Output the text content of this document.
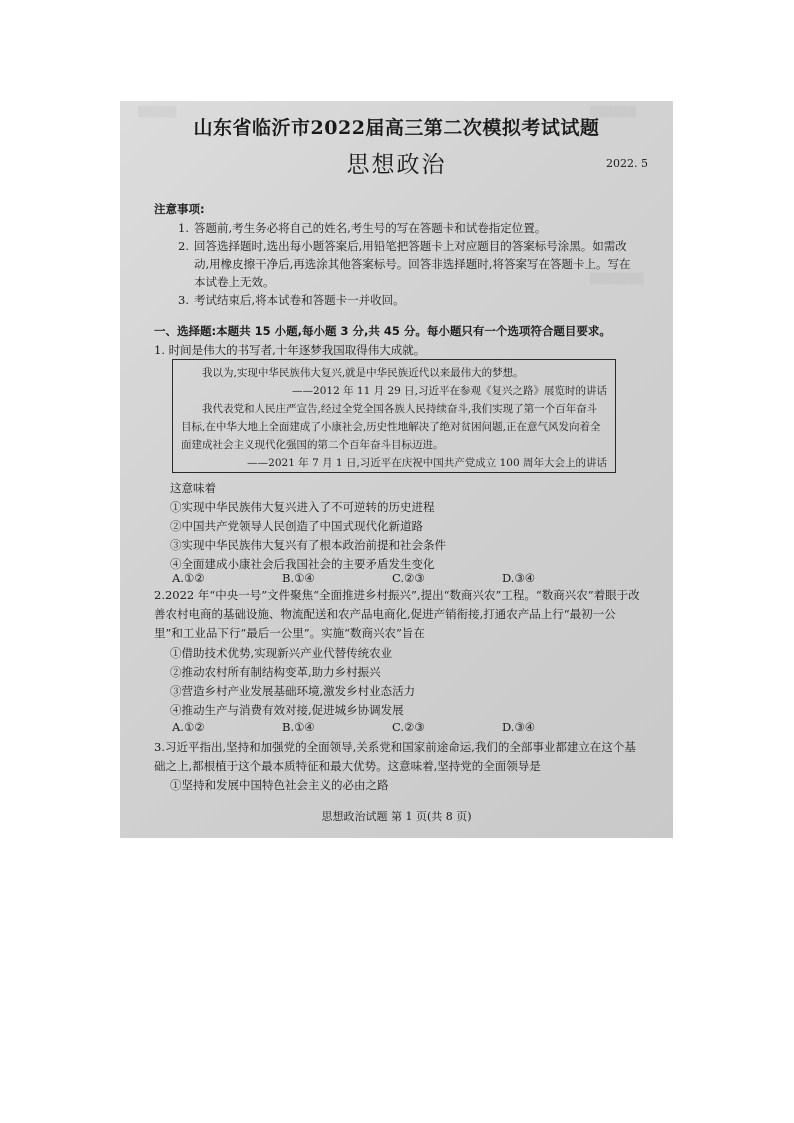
▒▒▒▒▒	▒▒▒▒▒▒
▒▒▒▒▒▒▒
山东省临沂市2022届高三第二次模拟考试试题
思想政治	2022. 5
注意事项:
1. 答题前,考生务必将自己的姓名,考生号的写在答题卡和试卷指定位置。
2. 回答选择题时,选出每小题答案后,用铅笔把答题卡上对应题目的答案标号涂黑。如需改动,用橡皮擦干净后,再选涂其他答案标号。回答非选择题时,将答案写在答题卡上。写在本试卷上无效。
3. 考试结束后,将本试卷和答题卡一并收回。
一、选择题:本题共 15 小题,每小题 3 分,共 45 分。每小题只有一个选项符合题目要求。
1. 时间是伟大的书写者,十年逐梦我国取得伟大成就。
我以为,实现中华民族伟大复兴,就是中华民族近代以来最伟大的梦想。
——2012 年 11 月 29 日,习近平在参观《复兴之路》展览时的讲话
我代表党和人民庄严宣告,经过全党全国各族人民持续奋斗,我们实现了第一个百年奋斗目标,在中华大地上全面建成了小康社会,历史性地解决了绝对贫困问题,正在意气风发向着全面建成社会主义现代化强国的第二个百年奋斗目标迈进。
——2021 年 7 月 1 日,习近平在庆祝中国共产党成立 100 周年大会上的讲话
这意味着
①实现中华民族伟大复兴进入了不可逆转的历史进程
②中国共产党领导人民创造了中国式现代化新道路
③实现中华民族伟大复兴有了根本政治前提和社会条件
④全面建成小康社会后我国社会的主要矛盾发生变化
A.①②	B.①④	C.②③	D.③④
2.2022 年“中央一号”文件聚焦“全面推进乡村振兴”,提出“数商兴农”工程。“数商兴农”着眼于改善农村电商的基础设施、物流配送和农产品电商化,促进产销衔接,打通农产品上行“最初一公里”和工业品下行“最后一公里”。实施“数商兴农”旨在
①借助技术优势,实现新兴产业代替传统农业
②推动农村所有制结构变革,助力乡村振兴
③营造乡村产业发展基础环境,激发乡村业态活力
④推动生产与消费有效对接,促进城乡协调发展
A.①②	B.①④	C.②③	D.③④
3.习近平指出,坚持和加强党的全面领导,关系党和国家前途命运,我们的全部事业都建立在这个基础之上,都根植于这个最本质特征和最大优势。这意味着,坚持党的全面领导是
①坚持和发展中国特色社会主义的必由之路
思想政治试题 第 1 页(共 8 页)
